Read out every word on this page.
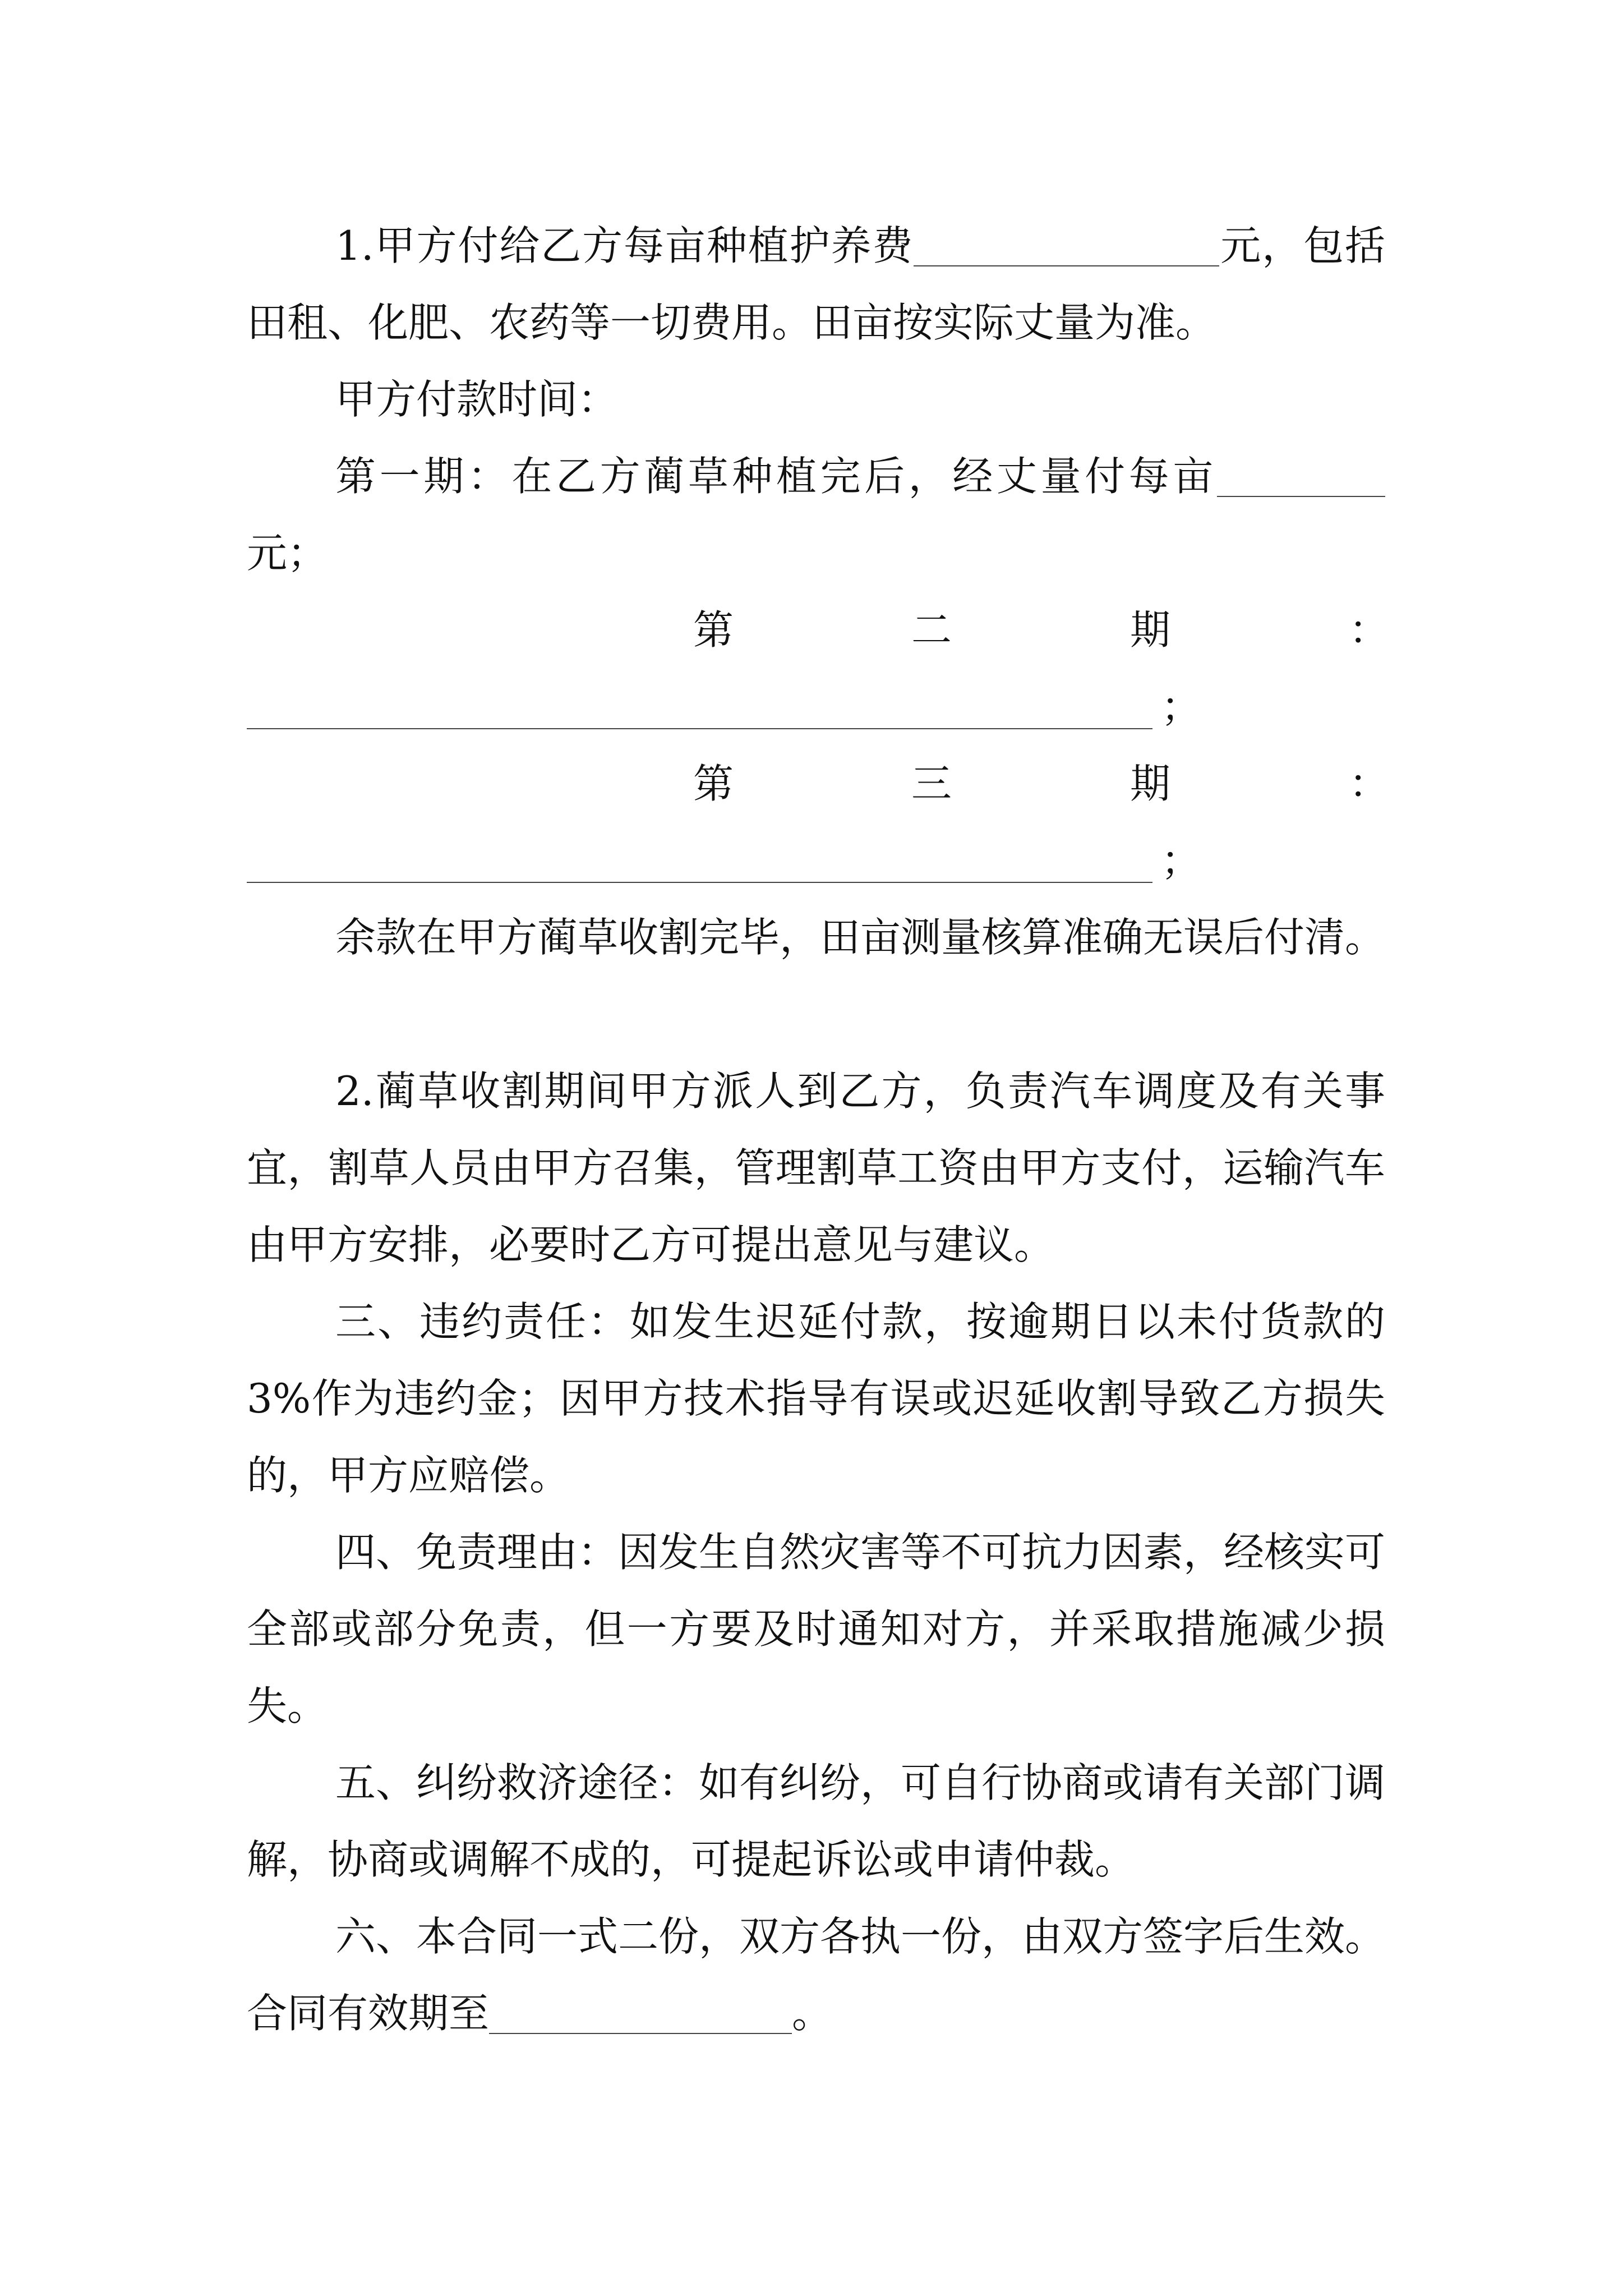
1.甲方付给乙方每亩种植护养费	元，包括田租、化肥、农药等一切费用。田亩按实际丈量为准。

甲方付款时间：

第一期：在乙方蔺草种植完后，经丈量付每亩元；

第	二	期	：
；
第	三	期	：
；

余款在甲方蔺草收割完毕，田亩测量核算准确无误后付清。

2.蔺草收割期间甲方派人到乙方，负责汽车调度及有关事宜，割草人员由甲方召集，管理割草工资由甲方支付，运输汽车由甲方安排，必要时乙方可提出意见与建议。

三、违约责任：如发生迟延付款，按逾期日以未付货款的 3%作为违约金；因甲方技术指导有误或迟延收割导致乙方损失的，甲方应赔偿。

四、免责理由：因发生自然灾害等不可抗力因素，经核实可全部或部分免责，但一方要及时通知对方，并采取措施减少损失。

五、纠纷救济途径：如有纠纷，可自行协商或请有关部门调解，协商或调解不成的，可提起诉讼或申请仲裁。

六、本合同一式二份，双方各执一份，由双方签字后生效。合同有效期至	。
